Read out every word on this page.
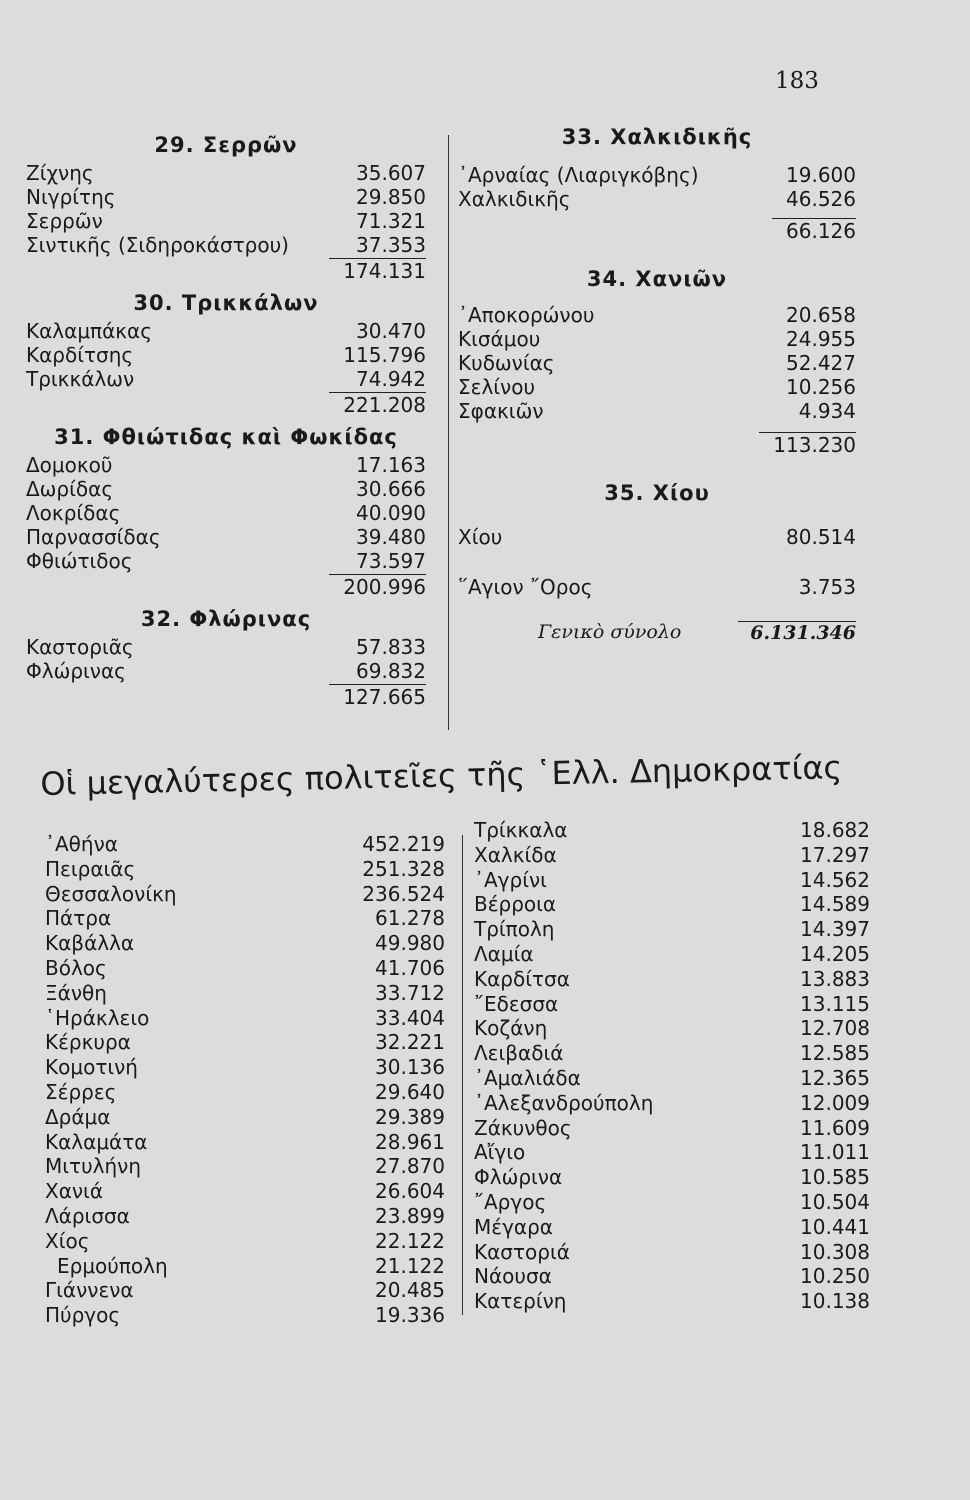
183
29. Σερρῶν
Ζίχνης	35.607
Νιγρίτης	29.850
Σερρῶν	71.321
Σιντικῆς (Σιδηροκάστρου)	37.353
174.131
30. Τρικκάλων
Καλαμπάκας	30.470
Καρδίτσης	115.796
Τρικκάλων	74.942
221.208
31. Φθιώτιδας καὶ Φωκίδας
Δομοκοῦ	17.163
Δωρίδας	30.666
Λοκρίδας	40.090
Παρνασσίδας	39.480
Φθιώτιδος	73.597
200.996
32. Φλώρινας
Καστοριᾶς	57.833
Φλώρινας	69.832
127.665
33. Χαλκιδικῆς
᾿Αρναίας (Λιαριγκόβης)	19.600
Χαλκιδικῆς	46.526
66.126
34. Χανιῶν
᾿Αποκορώνου	20.658
Κισάμου	24.955
Κυδωνίας	52.427
Σελίνου	10.256
Σφακιῶν	4.934
113.230
35. Χίου
Χίου	80.514
῞Αγιον ῎Ορος	3.753
Γενικὸ σύνολο	6.131.346
Οἱ μεγαλύτερες πολιτεῖες τῆς ῾Ελλ. Δημοκρατίας
᾿Αθήνα	452.219
Πειραιᾶς	251.328
Θεσσαλονίκη	236.524
Πάτρα	61.278
Καβάλλα	49.980
Βόλος	41.706
Ξάνθη	33.712
῾Ηράκλειο	33.404
Κέρκυρα	32.221
Κομοτινή	30.136
Σέρρες	29.640
Δράμα	29.389
Καλαμάτα	28.961
Μιτυλήνη	27.870
Χανιά	26.604
Λάρισσα	23.899
Χίος	22.122
Ερμούπολη	21.122
Γιάννενα	20.485
Πύργος	19.336
Τρίκκαλα	18.682
Χαλκίδα	17.297
᾿Αγρίνι	14.562
Βέρροια	14.589
Τρίπολη	14.397
Λαμία	14.205
Καρδίτσα	13.883
῎Εδεσσα	13.115
Κοζάνη	12.708
Λειβαδιά	12.585
᾿Αμαλιάδα	12.365
᾿Αλεξανδρούπολη	12.009
Ζάκυνθος	11.609
Αἴγιο	11.011
Φλώρινα	10.585
῎Αργος	10.504
Μέγαρα	10.441
Καστοριά	10.308
Νάουσα	10.250
Κατερίνη	10.138
